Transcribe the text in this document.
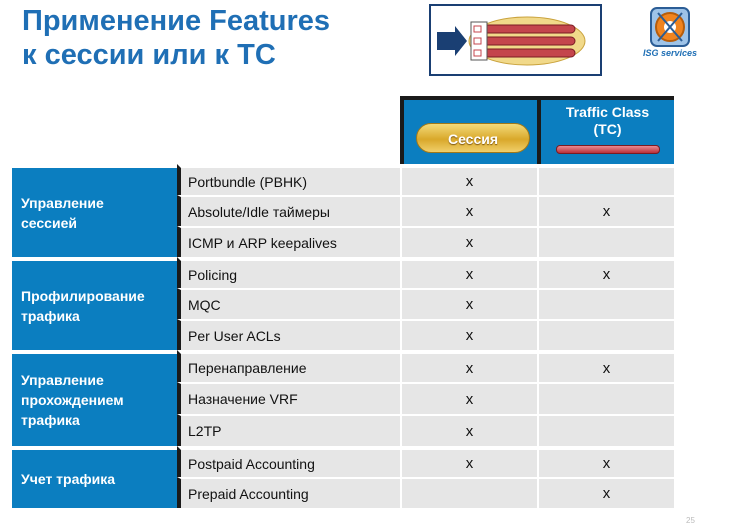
Применение Features
к сессии или к TC	ISG services
		Сессия	Traffic Class
(TC)

Управление
сессией	Portbundle (PBHK)	x	
	Absolute/Idle таймеры	x	x
	ICMP и ARP keepalives	x	
Профилирование
трафика	Policing	x	x
	MQC	x	
	Per User ACLs	x	
Управление
прохождением
трафика	Перенаправление	x	x
	Назначение VRF	x	
	L2TP	x	
Учет трафика	Postpaid Accounting	x	x
	Prepaid Accounting		x
25
